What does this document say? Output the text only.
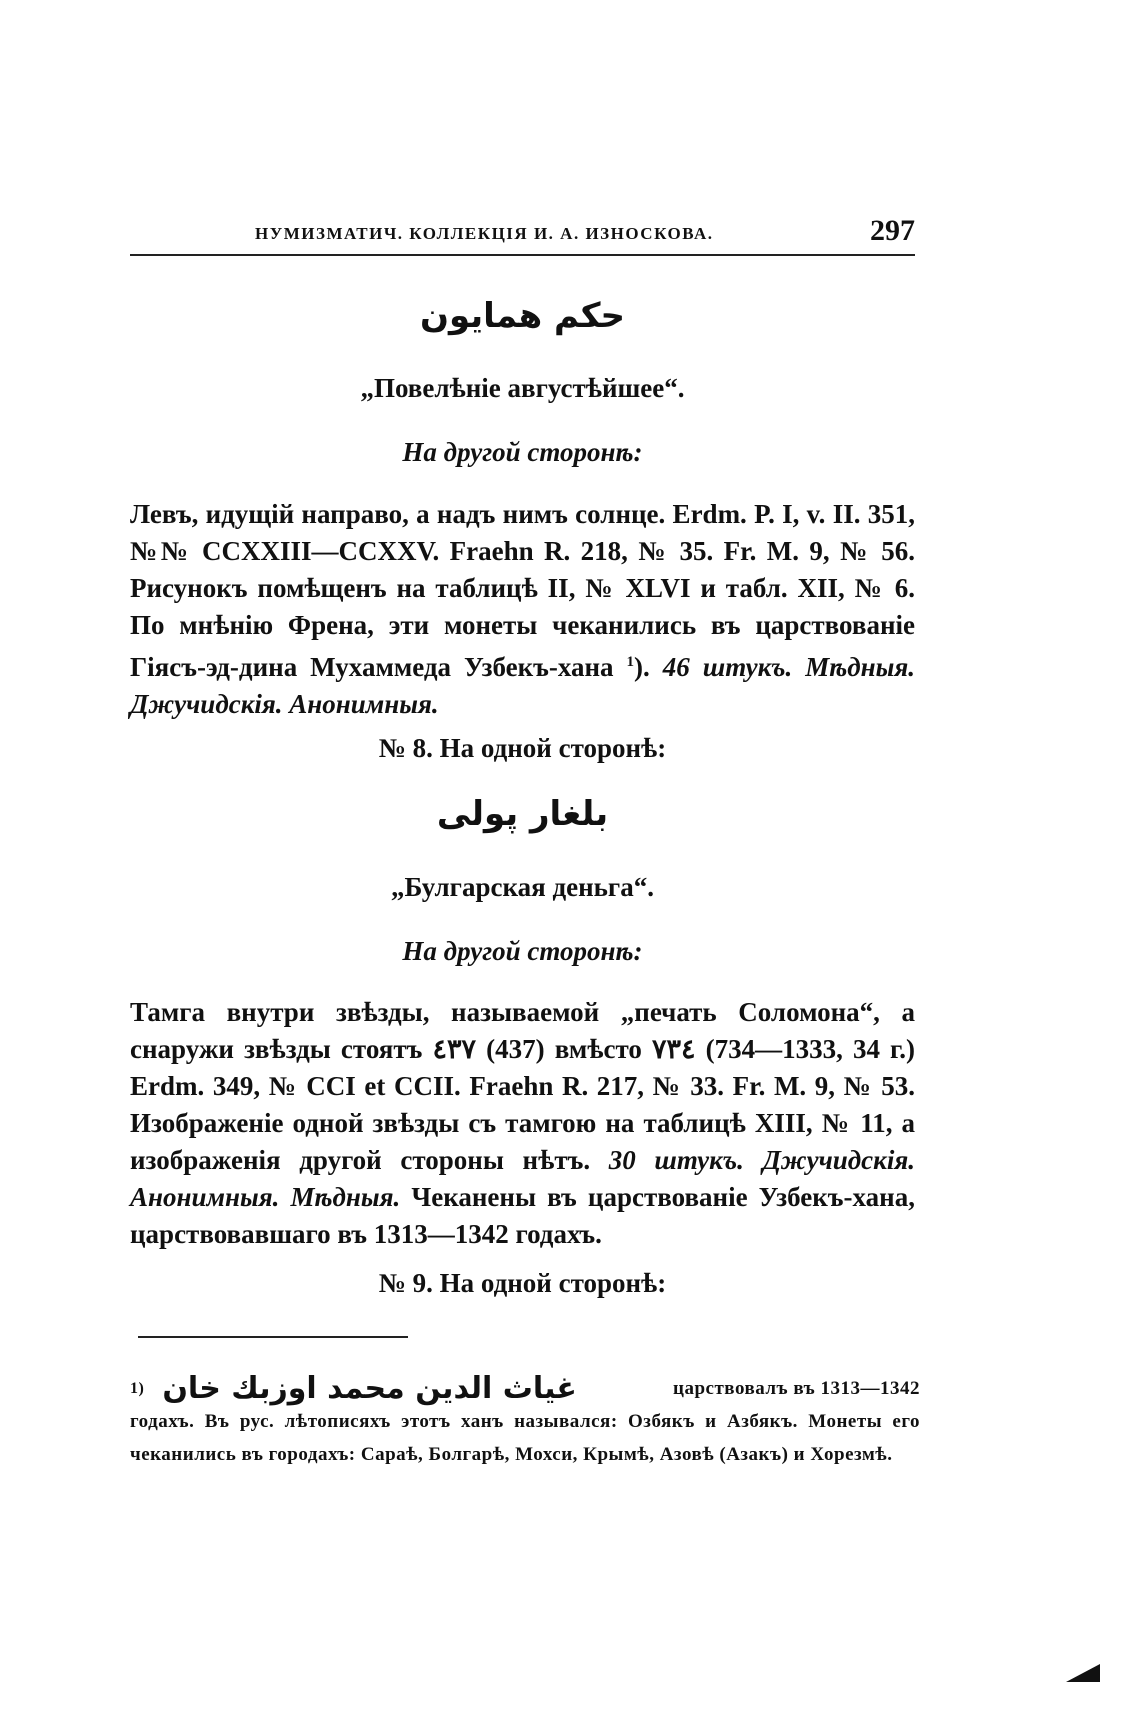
НУМИЗМАТИЧ. КОЛЛЕКЦІЯ И. А. ИЗНОСКОВА.	297
حكم همايون
„Повелѣніе августѣйшее“.
На другой сторонѣ:
Левъ, идущій направо, а надъ нимъ солнце. Erdm. P. I, v. II. 351, №№ CCXXIII—CCXXV. Fraehn R. 218, № 35. Fr. M. 9, № 56. Рисунокъ помѣщенъ на таблицѣ II, № XLVI и табл. XII, № 6. По мнѣнію Френа, эти монеты чеканились въ царствованіе Гіясъ-эд-дина Мухаммеда Узбекъ-хана $^1$). 46 штукъ. Мѣдныя. Джучидскія. Анонимныя.
№ 8. На одной сторонѣ:
بلغار پولی
„Булгарская деньга“.
На другой сторонѣ:
Тамга внутри звѣзды, называемой „печать Соломона“, а снаружи звѣзды стоятъ ٤٣٧ (437) вмѣсто ٧٣٤ (734—1333, 34 г.) Erdm. 349, № CCI et CCII. Fraehn R. 217, № 33. Fr. M. 9, № 53. Изображеніе одной звѣзды съ тамгою на таблицѣ XIII, № 11, а изображенія другой стороны нѣтъ. 30 штукъ. Джучидскія. Анонимныя. Мѣдныя. Чеканены въ царствованіе Узбекъ-хана, царствовавшаго въ 1313—1342 годахъ.
№ 9. На одной сторонѣ:
1) غياث الدين محمد اوزبك خان	царствовалъ въ 1313—1342
годахъ. Въ рус. лѣтописяхъ этотъ ханъ назывался: Озбякъ и Азбякъ. Монеты его чеканились въ городахъ: Сараѣ, Болгарѣ, Мохси, Крымѣ, Азовѣ (Азакъ) и Хорезмѣ.
